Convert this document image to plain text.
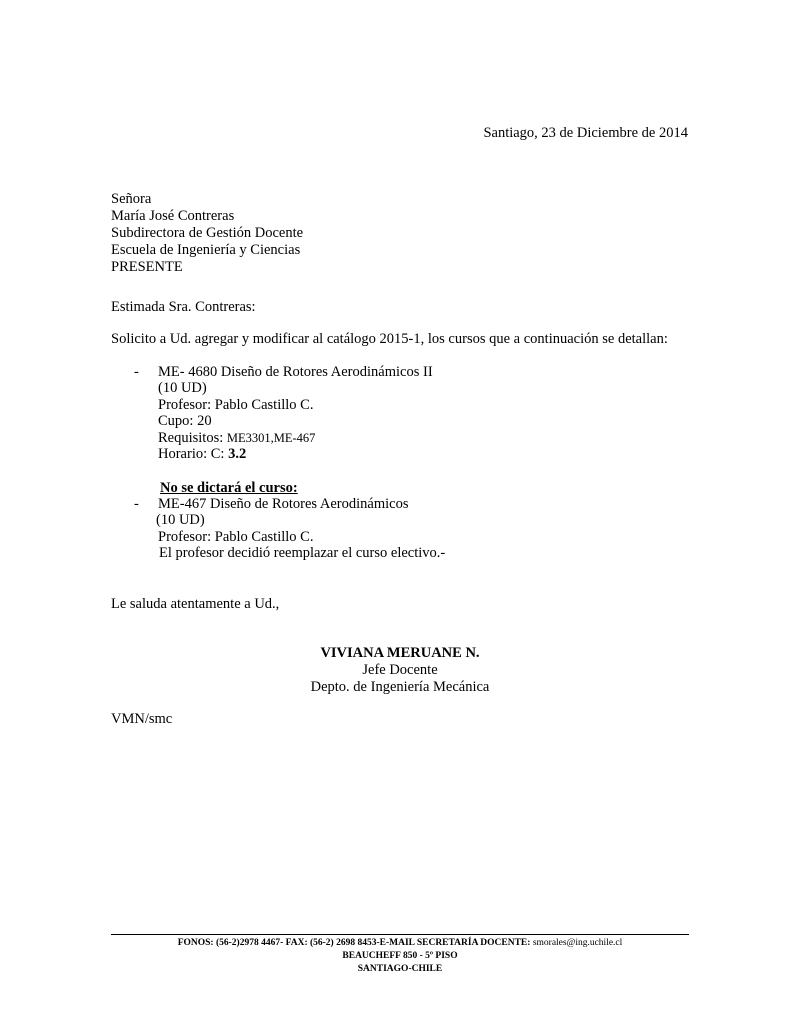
Santiago, 23 de Diciembre de 2014
Señora
María José Contreras
Subdirectora de Gestión Docente
Escuela de Ingeniería y Ciencias
PRESENTE
Estimada Sra. Contreras:
Solicito a Ud. agregar y modificar al catálogo 2015-1, los cursos que a continuación se detallan:
- ME- 4680 Diseño de Rotores Aerodinámicos II
(10 UD)
Profesor: Pablo Castillo C.
Cupo: 20
Requisitos: ME3301,ME-467
Horario: C: 3.2
No se dictará el curso:
- ME-467 Diseño de Rotores Aerodinámicos
(10 UD)
Profesor: Pablo Castillo C.
El profesor decidió reemplazar el curso electivo.-
Le saluda atentamente a Ud.,
VIVIANA MERUANE N.
Jefe Docente
Depto. de Ingeniería Mecánica
VMN/smc
FONOS: (56-2)2978 4467- FAX: (56-2) 2698 8453-E-MAIL SECRETARÍA DOCENTE: smorales@ing.uchile.cl
BEAUCHEFF 850 - 5º PISO
SANTIAGO-CHILE
